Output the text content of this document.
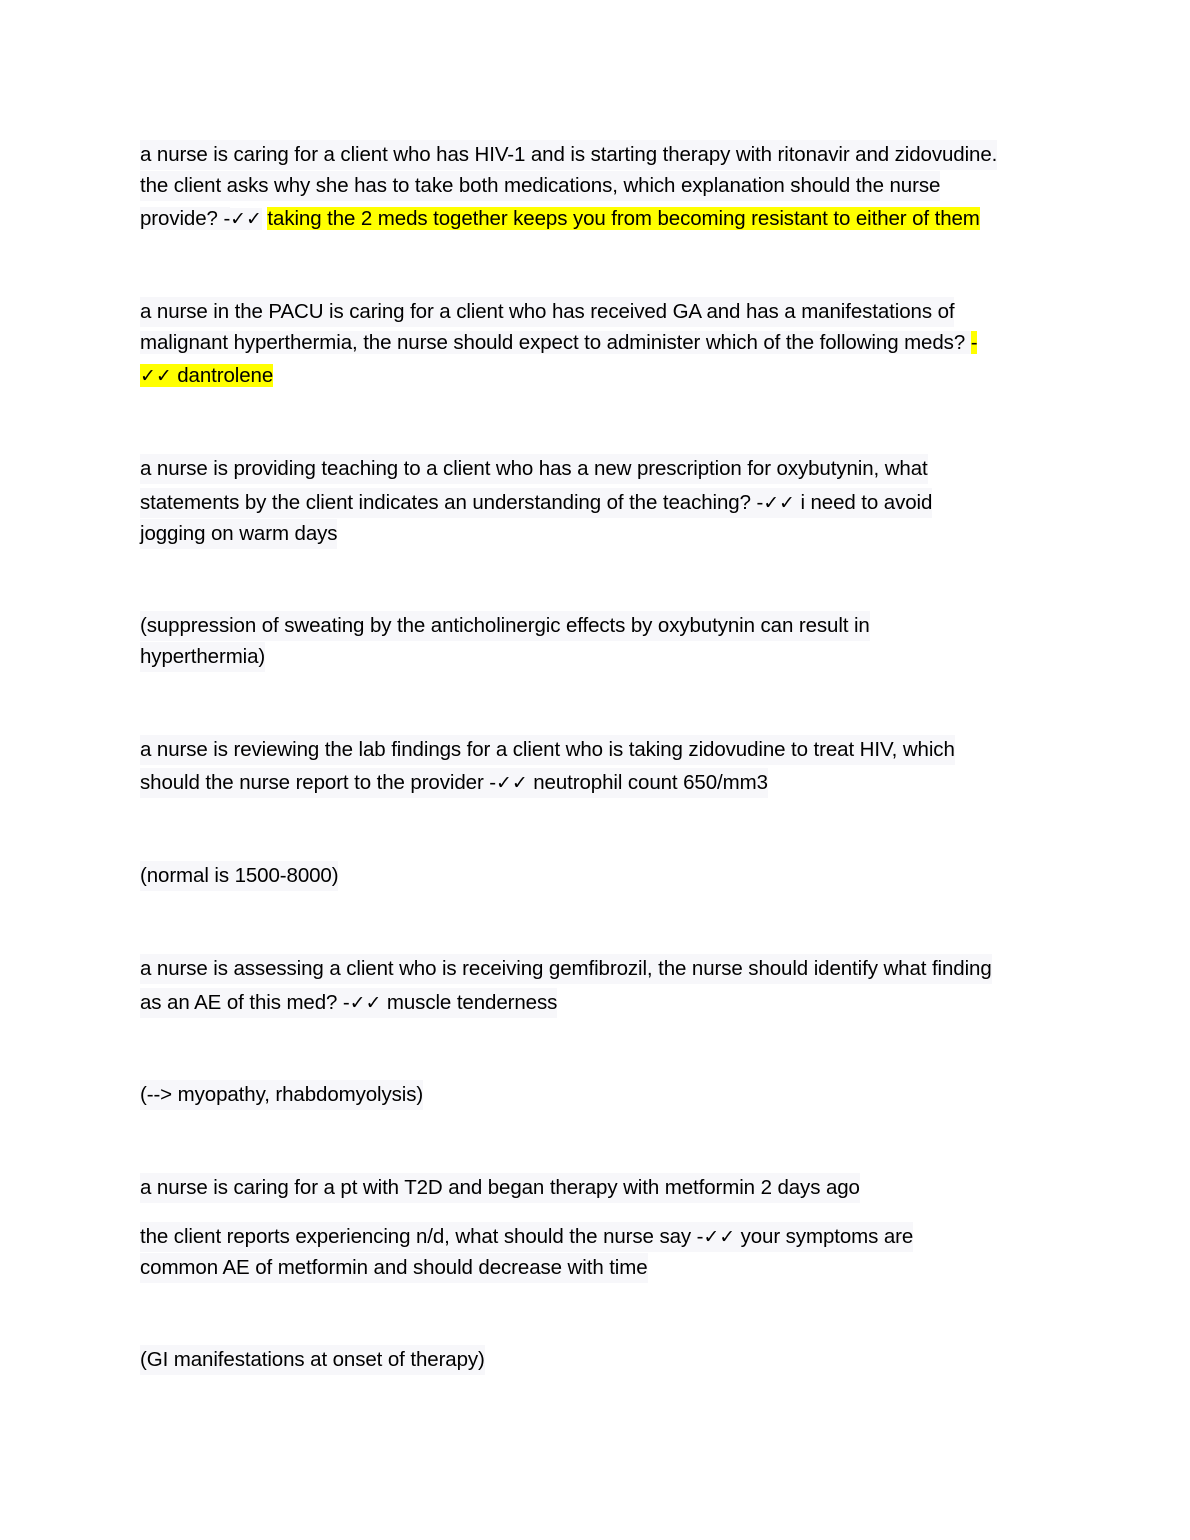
a nurse is caring for a client who has HIV-1 and is starting therapy with ritonavir and zidovudine.
the client asks why she has to take both medications, which explanation should the nurse
provide? -✓✓ taking the 2 meds together keeps you from becoming resistant to either of them
a nurse in the PACU is caring for a client who has received GA and has a manifestations of
malignant hyperthermia, the nurse should expect to administer which of the following meds? -
✓✓ dantrolene
a nurse is providing teaching to a client who has a new prescription for oxybutynin, what
statements by the client indicates an understanding of the teaching? -✓✓ i need to avoid
jogging on warm days
(suppression of sweating by the anticholinergic effects by oxybutynin can result in
hyperthermia)
a nurse is reviewing the lab findings for a client who is taking zidovudine to treat HIV, which
should the nurse report to the provider -✓✓ neutrophil count 650/mm3
(normal is 1500-8000)
a nurse is assessing a client who is receiving gemfibrozil, the nurse should identify what finding
as an AE of this med? -✓✓ muscle tenderness
(--> myopathy, rhabdomyolysis)
a nurse is caring for a pt with T2D and began therapy with metformin 2 days ago
the client reports experiencing n/d, what should the nurse say -✓✓ your symptoms are
common AE of metformin and should decrease with time
(GI manifestations at onset of therapy)
